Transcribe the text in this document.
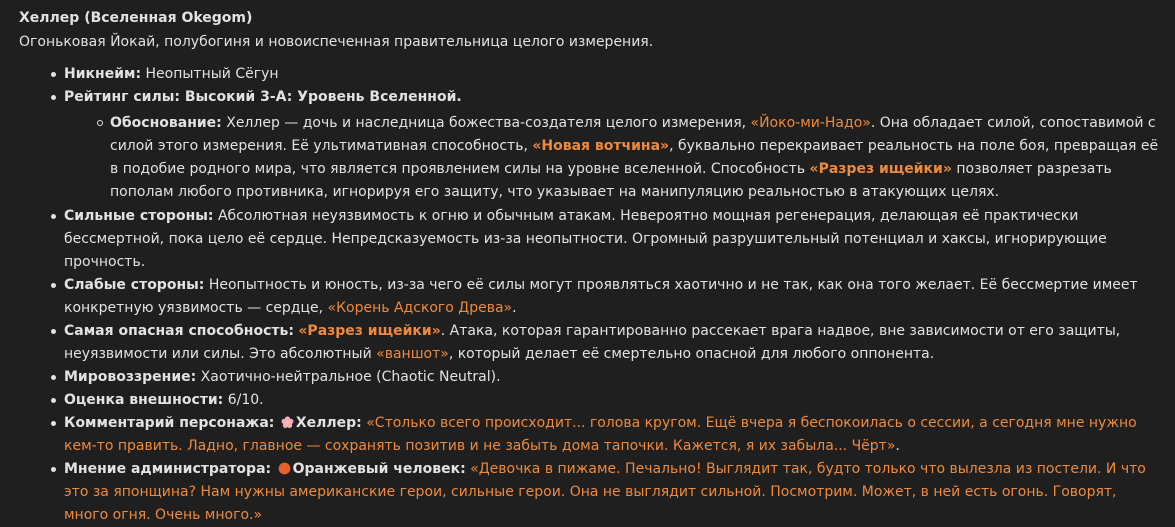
Хеллер (Вселенная Okegom)
Огоньковая Йокай, полубогиня и новоиспеченная правительница целого измерения.
Никнейм: Неопытный Сёгун
Рейтинг силы: Высокий 3-A: Уровень Вселенной.
Обоснование: Хеллер — дочь и наследница божества-создателя целого измерения, «Йоко-ми-Надо». Она обладает силой, сопоставимой с силой этого измерения. Её ультимативная способность, «Новая вотчина», буквально перекраивает реальность на поле боя, превращая её в подобие родного мира, что является проявлением силы на уровне вселенной. Способность «Разрез ищейки» позволяет разрезать пополам любого противника, игнорируя его защиту, что указывает на манипуляцию реальностью в атакующих целях.
Сильные стороны: Абсолютная неуязвимость к огню и обычным атакам. Невероятно мощная регенерация, делающая её практически бессмертной, пока цело её сердце. Непредсказуемость из-за неопытности. Огромный разрушительный потенциал и хаксы, игнорирующие прочность.
Слабые стороны: Неопытность и юность, из-за чего её силы могут проявляться хаотично и не так, как она того желает. Её бессмертие имеет конкретную уязвимость — сердце, «Корень Адского Древа».
Самая опасная способность: «Разрез ищейки». Атака, которая гарантированно рассекает врага надвое, вне зависимости от его защиты, неуязвимости или силы. Это абсолютный «ваншот», который делает её смертельно опасной для любого оппонента.
Мировоззрение: Хаотично-нейтральное (Chaotic Neutral).
Оценка внешности: 6/10.
Комментарий персонажа: Хеллер: «Столько всего происходит... голова кругом. Ещё вчера я беспокоилась о сессии, а сегодня мне нужно кем-то править. Ладно, главное — сохранять позитив и не забыть дома тапочки. Кажется, я их забыла... Чёрт».
Мнение администратора: Оранжевый человек: «Девочка в пижаме. Печально! Выглядит так, будто только что вылезла из постели. И что это за японщина? Нам нужны американские герои, сильные герои. Она не выглядит сильной. Посмотрим. Может, в ней есть огонь. Говорят, много огня. Очень много.»
